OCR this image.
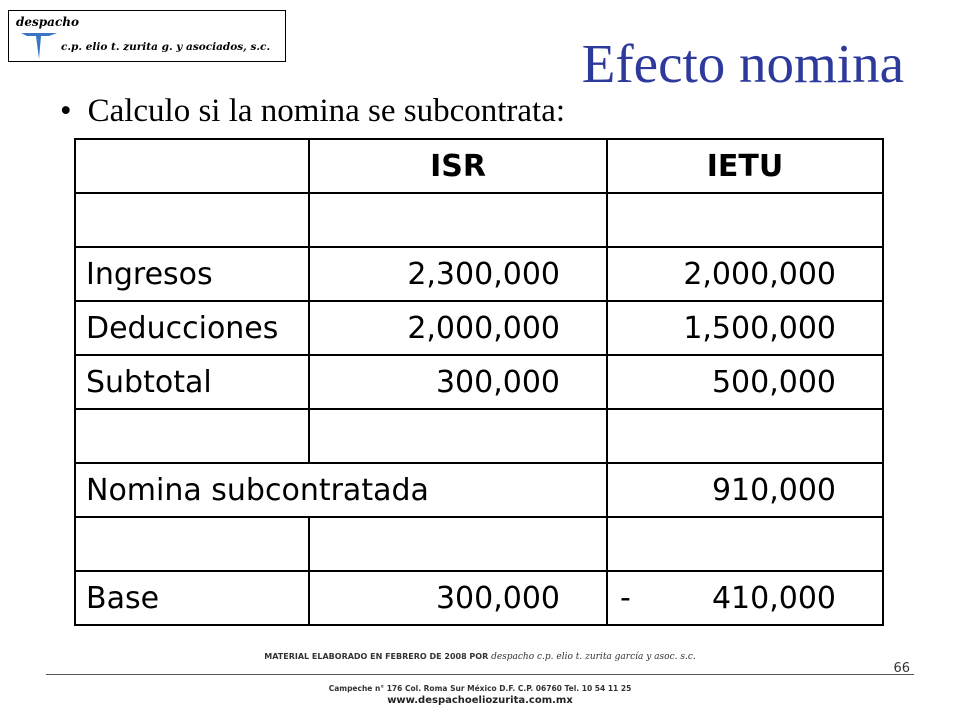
despacho
c.p. elio t. zurita g. y asociados, s.c.	Efecto nomina
• Calculo si la nomina se subcontrata:
	ISR	IETU

Ingresos	2,300,000	2,000,000
Deducciones	2,000,000	1,500,000
Subtotal	300,000	500,000

Nomina subcontratada		910,000

Base	300,000	- 410,000
MATERIAL ELABORADO EN FEBRERO DE 2008 POR despacho c.p. elio t. zurita garcía y asoc. s.c.
66
Campeche n° 176 Col. Roma Sur México D.F. C.P. 06760 Tel. 10 54 11 25
www.despachoeliozurita.com.mx
